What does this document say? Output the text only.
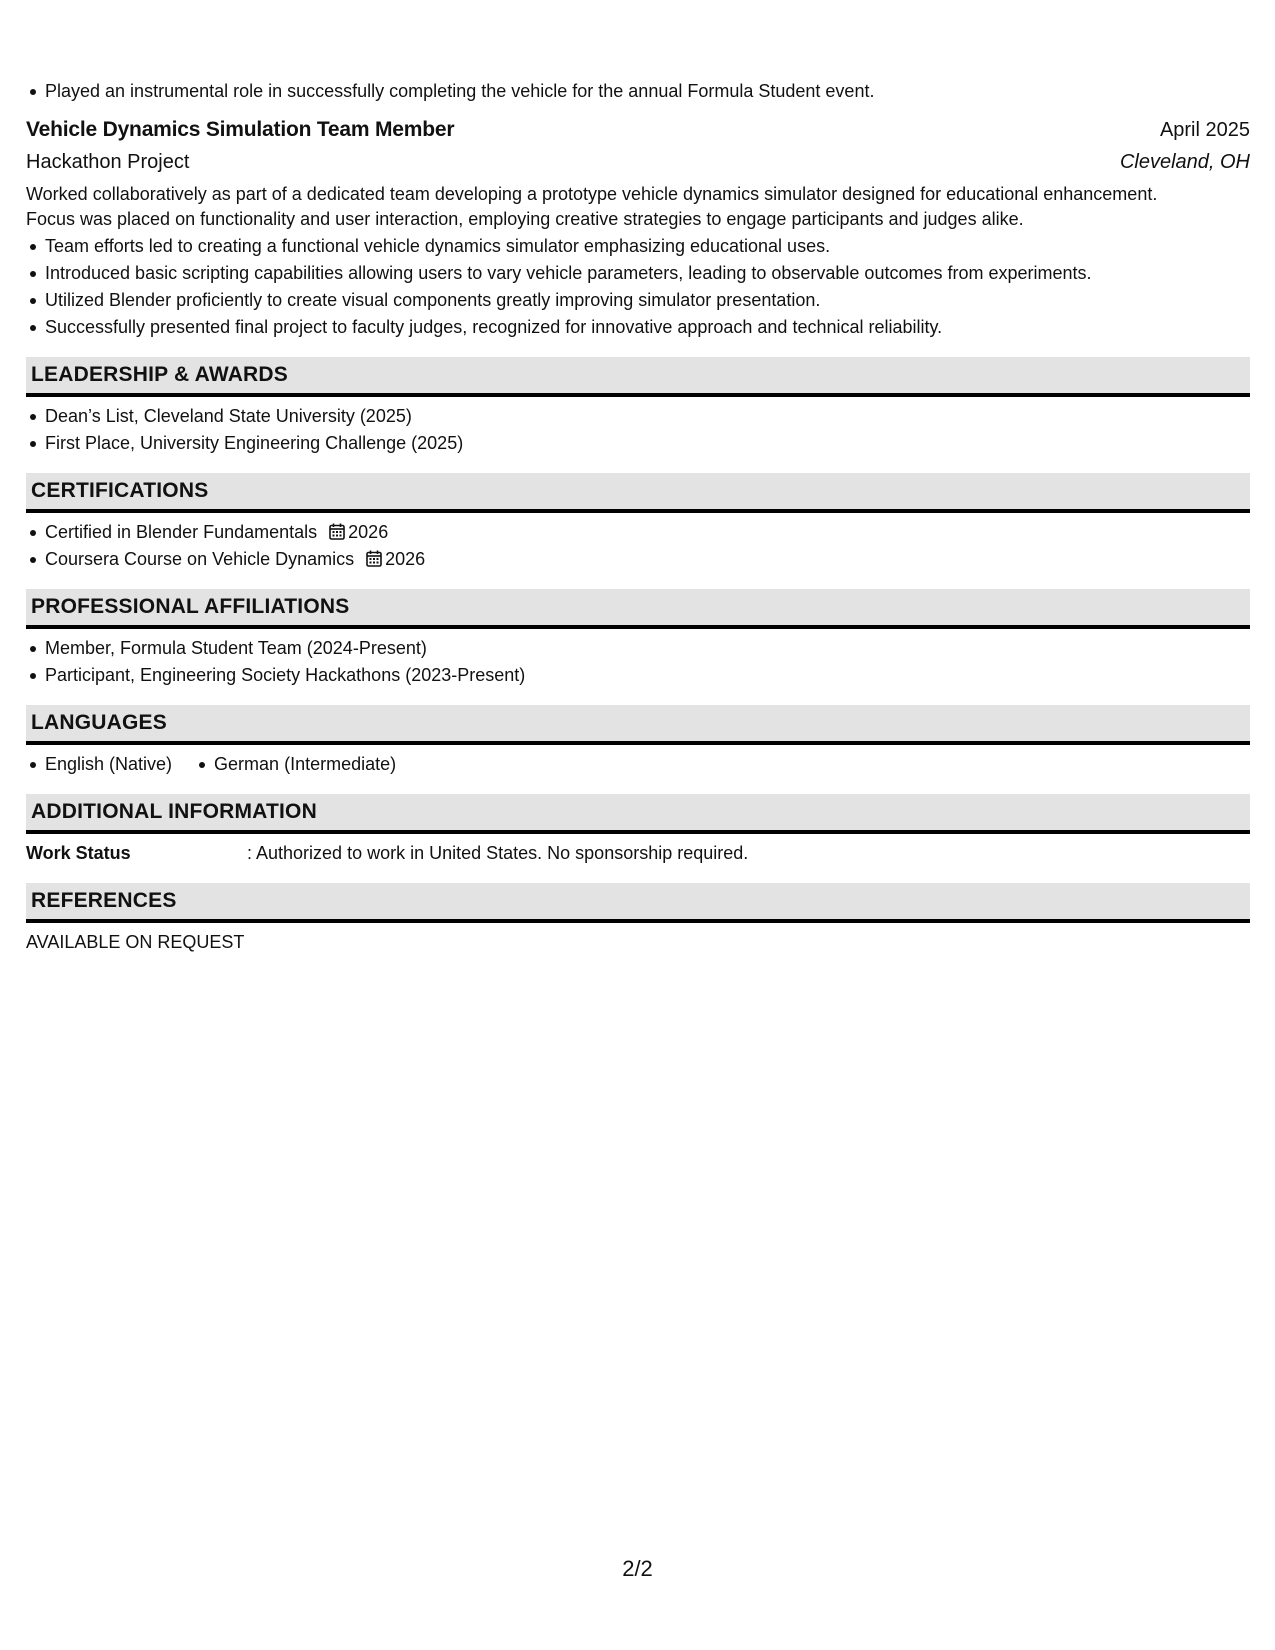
Played an instrumental role in successfully completing the vehicle for the annual Formula Student event.
Vehicle Dynamics Simulation Team Member	April 2025
Hackathon Project	Cleveland, OH
Worked collaboratively as part of a dedicated team developing a prototype vehicle dynamics simulator designed for educational enhancement.
Focus was placed on functionality and user interaction, employing creative strategies to engage participants and judges alike.
Team efforts led to creating a functional vehicle dynamics simulator emphasizing educational uses.
Introduced basic scripting capabilities allowing users to vary vehicle parameters, leading to observable outcomes from experiments.
Utilized Blender proficiently to create visual components greatly improving simulator presentation.
Successfully presented final project to faculty judges, recognized for innovative approach and technical reliability.
LEADERSHIP & AWARDS
Dean’s List, Cleveland State University (2025)
First Place, University Engineering Challenge (2025)
CERTIFICATIONS
Certified in Blender Fundamentals 2026
Coursera Course on Vehicle Dynamics 2026
PROFESSIONAL AFFILIATIONS
Member, Formula Student Team (2024-Present)
Participant, Engineering Society Hackathons (2023-Present)
LANGUAGES
English (Native) German (Intermediate)
ADDITIONAL INFORMATION
Work Status	: Authorized to work in United States. No sponsorship required.
REFERENCES
AVAILABLE ON REQUEST
2/2
